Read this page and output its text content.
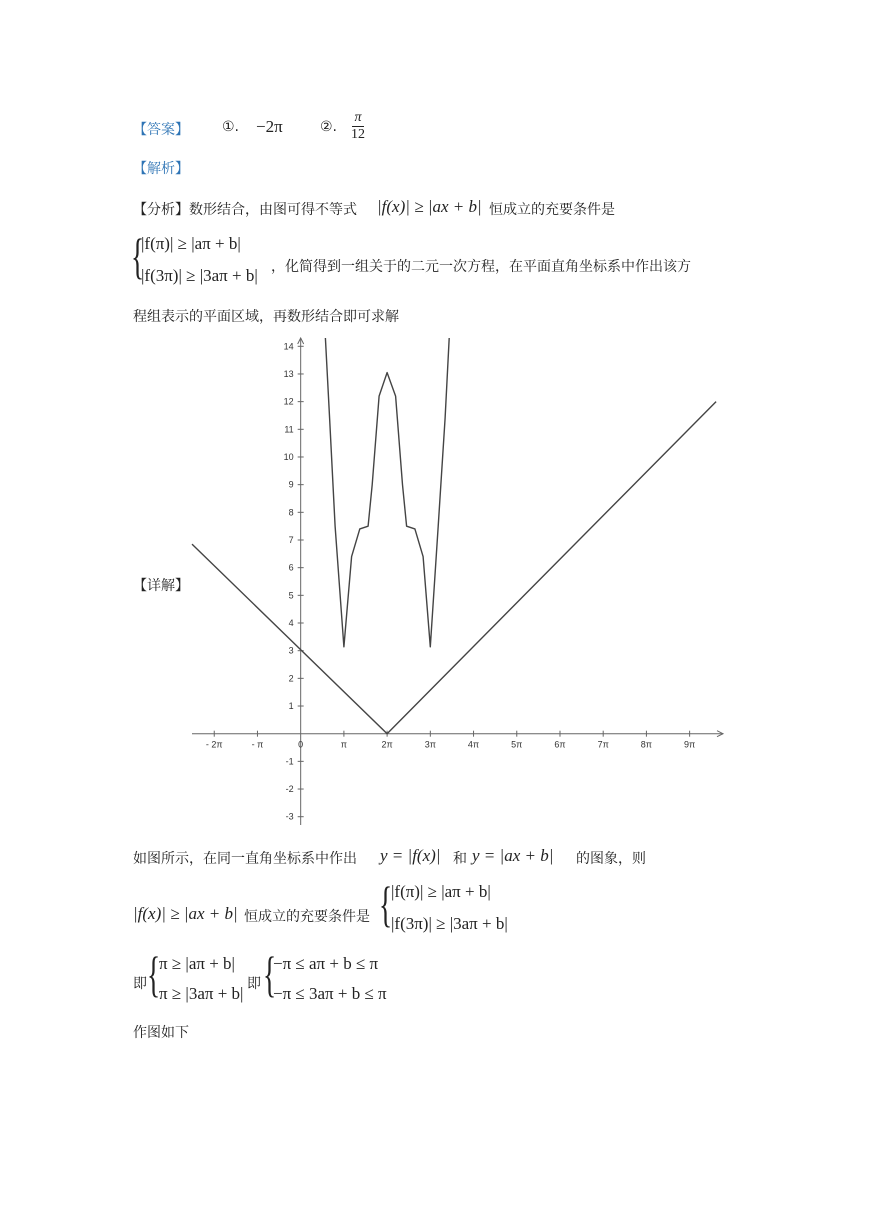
【答案】 ①. −2π	②. $\frac{\pi}{12}$
【解析】
【分析】数形结合，由图可得不等式 |f(x)| ≥ |ax + b| 恒成立的充要条件是
{
|f(π)| ≥ |aπ + b|
|f(3π)| ≥ |3aπ + b| ，化简得到一组关于的二元一次方程，在平面直角坐标系中作出该方
程组表示的平面区域，再数形结合即可求解
【详解】
- 2π	- π	0	π	2π	3π	4π	5π	6π	7π	8π	9π
-3
-2
-1
1
2
3
4
5
6
7
8
9
10
11
12
13
14
如图所示，在同一直角坐标系中作出 y = |f(x)| 和 y = |ax + b| 的图象，则
|f(x)| ≥ |ax + b| 恒成立的充要条件是 {
|f(π)| ≥ |aπ + b|
|f(3π)| ≥ |3aπ + b|
即 {
π ≥ |aπ + b|
π ≥ |3aπ + b| 即 {
−π ≤ aπ + b ≤ π
−π ≤ 3aπ + b ≤ π
作图如下
